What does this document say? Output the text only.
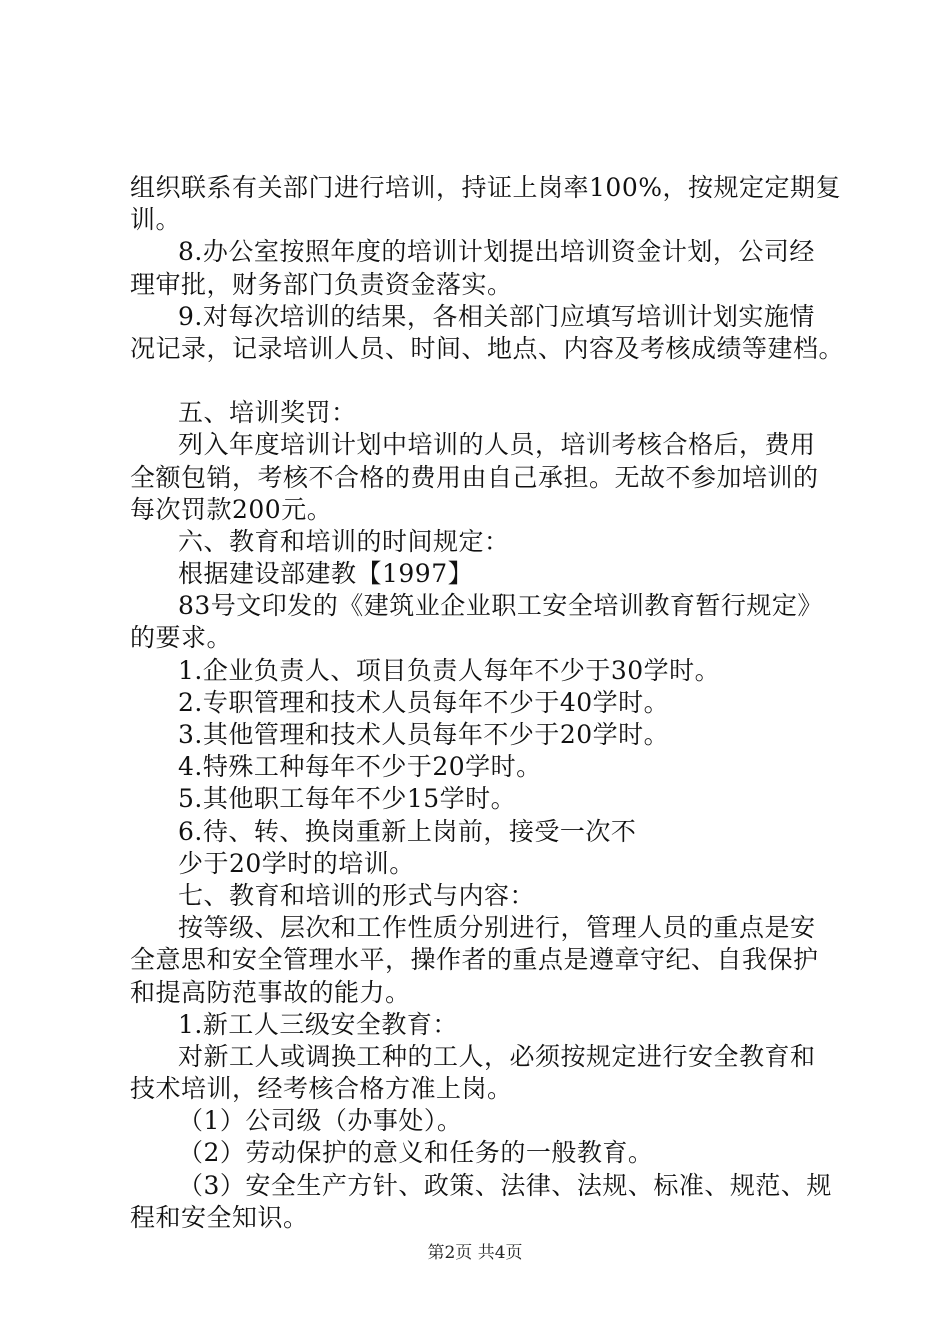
组织联系有关部门进行培训，持证上岗率100%，按规定定期复
训。
8.办公室按照年度的培训计划提出培训资金计划，公司经
理审批，财务部门负责资金落实。
9.对每次培训的结果，各相关部门应填写培训计划实施情
况记录，记录培训人员、时间、地点、内容及考核成绩等建档。
五、培训奖罚：
列入年度培训计划中培训的人员，培训考核合格后，费用
全额包销，考核不合格的费用由自己承担。无故不参加培训的
每次罚款200元。
六、教育和培训的时间规定：
根据建设部建教【1997】
83号文印发的《建筑业企业职工安全培训教育暂行规定》
的要求。
1.企业负责人、项目负责人每年不少于30学时。
2.专职管理和技术人员每年不少于40学时。
3.其他管理和技术人员每年不少于20学时。
4.特殊工种每年不少于20学时。
5.其他职工每年不少15学时。
6.待、转、换岗重新上岗前，接受一次不
少于20学时的培训。
七、教育和培训的形式与内容：
按等级、层次和工作性质分别进行，管理人员的重点是安
全意思和安全管理水平，操作者的重点是遵章守纪、自我保护
和提高防范事故的能力。
1.新工人三级安全教育：
对新工人或调换工种的工人，必须按规定进行安全教育和
技术培训，经考核合格方准上岗。
（1）公司级（办事处）。
（2）劳动保护的意义和任务的一般教育。
（3）安全生产方针、政策、法律、法规、标准、规范、规
程和安全知识。
第2页 共4页
